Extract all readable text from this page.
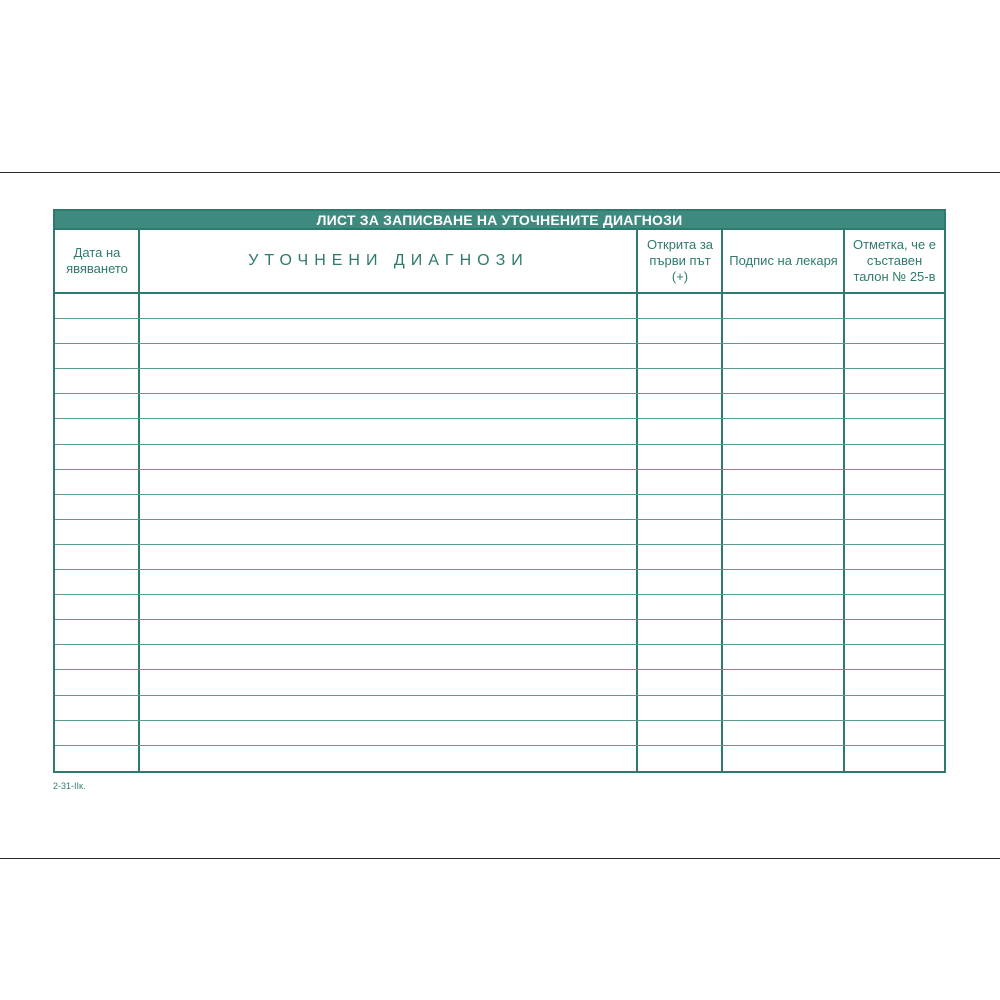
ЛИСТ ЗА ЗАПИСВАНЕ НА УТОЧНЕНИТЕ ДИАГНОЗИ
Дата на явяването	УТОЧНЕНИ ДИАГНОЗИ
Открита за първи път (+)
Подпис на лекаря
Отметка, че е съставен талон № 25-в
2-31-IIк.
